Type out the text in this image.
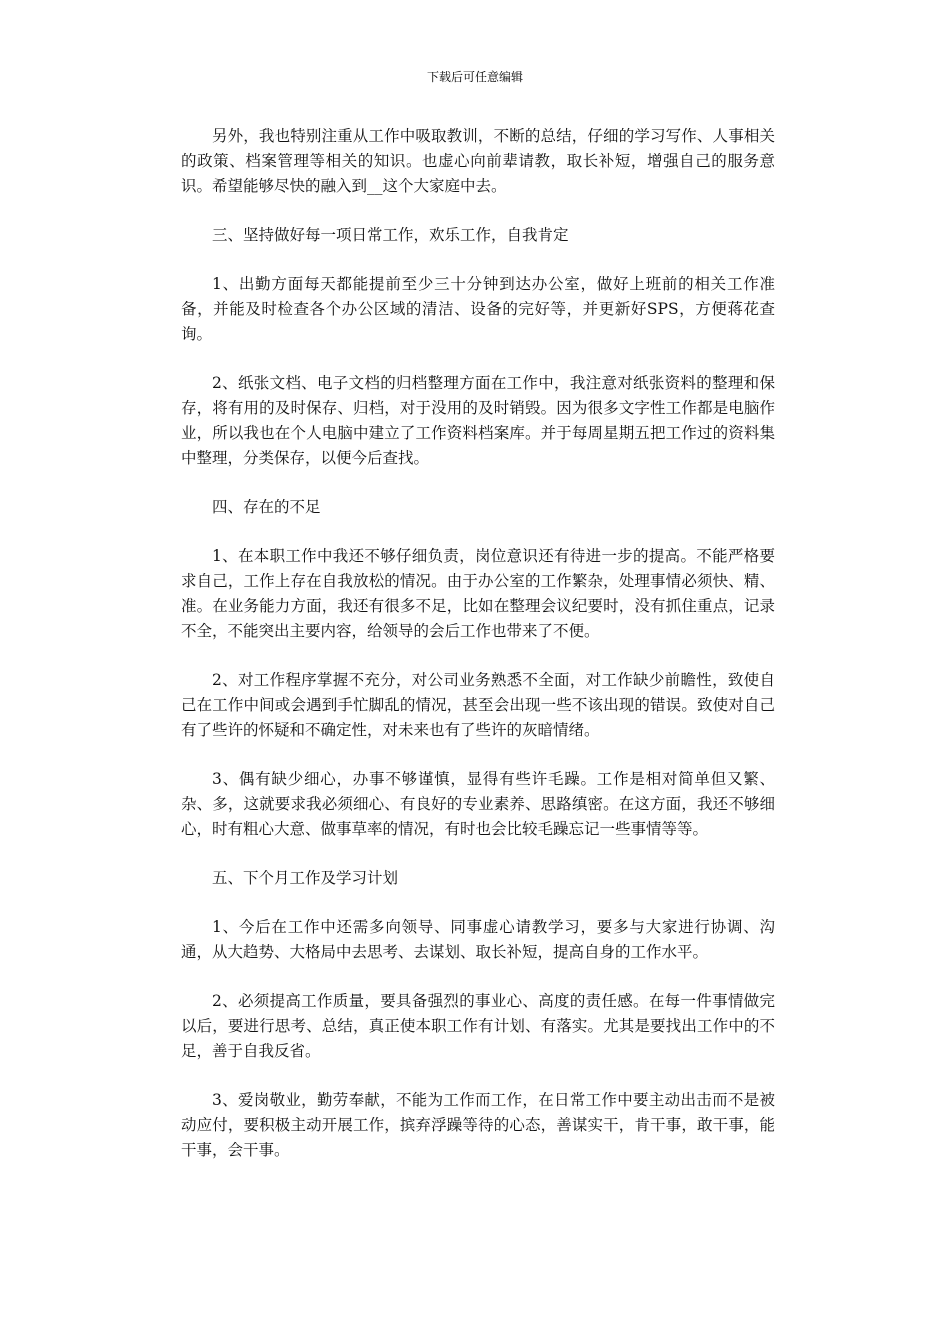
下载后可任意编辑

另外，我也特别注重从工作中吸取教训，不断的总结，仔细的学习写作、人事相关的政策、档案管理等相关的知识。也虚心向前辈请教，取长补短，增强自己的服务意识。希望能够尽快的融入到__这个大家庭中去。

三、坚持做好每一项日常工作，欢乐工作，自我肯定

1、出勤方面每天都能提前至少三十分钟到达办公室，做好上班前的相关工作准备，并能及时检查各个办公区域的清洁、设备的完好等，并更新好SPS，方便蒋花查询。

2、纸张文档、电子文档的归档整理方面在工作中，我注意对纸张资料的整理和保存，将有用的及时保存、归档，对于没用的及时销毁。因为很多文字性工作都是电脑作业，所以我也在个人电脑中建立了工作资料档案库。并于每周星期五把工作过的资料集中整理，分类保存，以便今后查找。

四、存在的不足

1、在本职工作中我还不够仔细负责，岗位意识还有待进一步的提高。不能严格要求自己，工作上存在自我放松的情况。由于办公室的工作繁杂，处理事情必须快、精、准。在业务能力方面，我还有很多不足，比如在整理会议纪要时，没有抓住重点，记录不全，不能突出主要内容，给领导的会后工作也带来了不便。

2、对工作程序掌握不充分，对公司业务熟悉不全面，对工作缺少前瞻性，致使自己在工作中间或会遇到手忙脚乱的情况，甚至会出现一些不该出现的错误。致使对自己有了些许的怀疑和不确定性，对未来也有了些许的灰暗情绪。

3、偶有缺少细心，办事不够谨慎，显得有些许毛躁。工作是相对简单但又繁、杂、多，这就要求我必须细心、有良好的专业素养、思路缜密。在这方面，我还不够细心，时有粗心大意、做事草率的情况，有时也会比较毛躁忘记一些事情等等。

五、下个月工作及学习计划

1、今后在工作中还需多向领导、同事虚心请教学习，要多与大家进行协调、沟通，从大趋势、大格局中去思考、去谋划、取长补短，提高自身的工作水平。

2、必须提高工作质量，要具备强烈的事业心、高度的责任感。在每一件事情做完以后，要进行思考、总结，真正使本职工作有计划、有落实。尤其是要找出工作中的不足，善于自我反省。

3、爱岗敬业，勤劳奉献，不能为工作而工作，在日常工作中要主动出击而不是被动应付，要积极主动开展工作，摈弃浮躁等待的心态，善谋实干，肯干事，敢干事，能干事，会干事。
